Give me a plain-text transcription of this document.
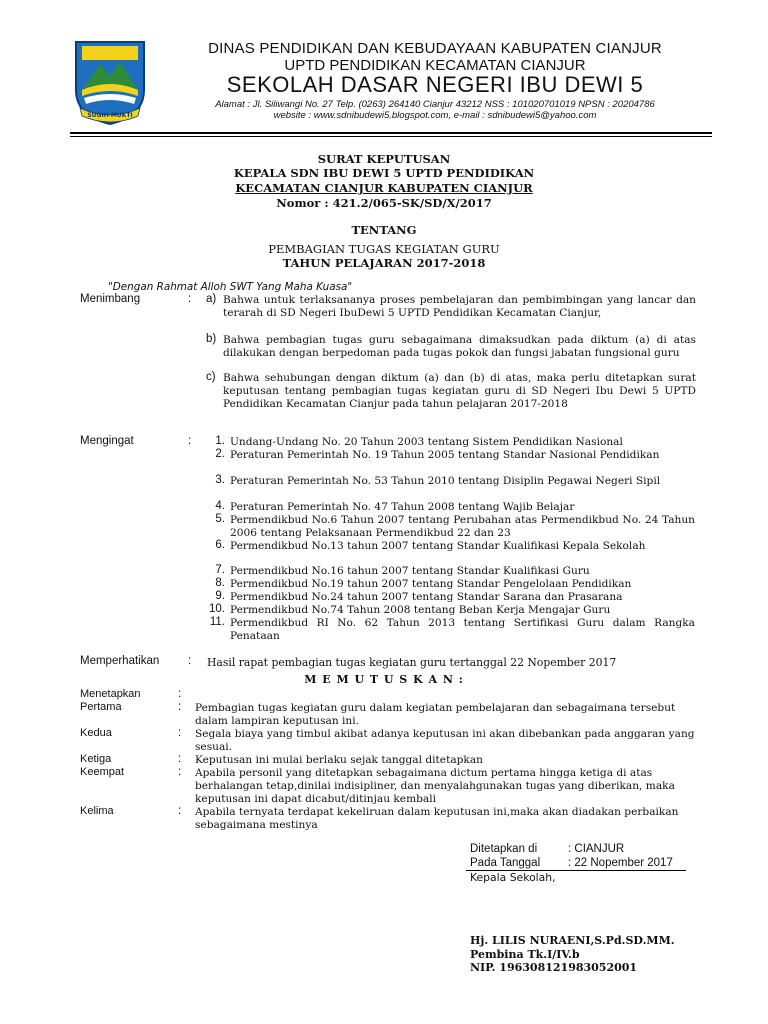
SUGIH MUKTI
DINAS PENDIDIKAN DAN KEBUDAYAAN KABUPATEN CIANJUR
UPTD PENDIDIKAN KECAMATAN CIANJUR
SEKOLAH DASAR NEGERI IBU DEWI 5
Alamat : Jl. Siliwangi No. 27 Telp. (0263) 264140 Cianjur 43212 NSS : 101020701019 NPSN : 20204786
website : www.sdnibudewi5.blogspot.com, e-mail : sdnibudewi5@yahoo.com
SURAT KEPUTUSAN
KEPALA SDN IBU DEWI 5 UPTD PENDIDIKAN
KECAMATAN CIANJUR KABUPATEN CIANJUR
Nomor : 421.2/065-SK/SD/X/2017
TENTANG
PEMBAGIAN TUGAS KEGIATAN GURU
TAHUN PELAJARAN 2017-2018
"Dengan Rahmat Alloh SWT Yang Maha Kuasa"
Menimbang	: a) Bahwa untuk terlaksananya proses pembelajaran dan pembimbingan yang lancar dan terarah di SD Negeri IbuDewi 5 UPTD Pendidikan Kecamatan Cianjur,
b) Bahwa pembagian tugas guru sebagaimana dimaksudkan pada diktum (a) di atas dilakukan dengan berpedoman pada tugas pokok dan fungsi jabatan fungsional guru
c) Bahwa sehubungan dengan diktum (a) dan (b) di atas, maka perlu ditetapkan surat keputusan tentang pembagian tugas kegiatan guru di SD Negeri Ibu Dewi 5 UPTD Pendidikan Kecamatan Cianjur pada tahun pelajaran 2017-2018
Mengingat	:	1. Undang-Undang No. 20 Tahun 2003 tentang Sistem Pendidikan Nasional
2. Peraturan Pemerintah No. 19 Tahun 2005 tentang Standar Nasional Pendidikan
3. Peraturan Pemerintah No. 53 Tahun 2010 tentang Disiplin Pegawai Negeri Sipil
4. Peraturan Pemerintah No. 47 Tahun 2008 tentang Wajib Belajar
5. Permendikbud No.6 Tahun 2007 tentang Perubahan atas Permendikbud No. 24 Tahun 2006 tentang Pelaksanaan Permendikbud 22 dan 23
6. Permendikbud No.13 tahun 2007 tentang Standar Kualifikasi Kepala Sekolah
7. Permendikbud No.16 tahun 2007 tentang Standar Kualifikasi Guru
8. Permendikbud No.19 tahun 2007 tentang Standar Pengelolaan Pendidikan
9. Permendikbud No.24 tahun 2007 tentang Standar Sarana dan Prasarana
10. Permendikbud No.74 Tahun 2008 tentang Beban Kerja Mengajar Guru
11. Permendikbud RI No. 62 Tahun 2013 tentang Sertifikasi Guru dalam Rangka Penataan
Memperhatikan : Hasil rapat pembagian tugas kegiatan guru tertanggal 22 Nopember 2017
M E M U T U S K A N :
Menetapkan	:
Pertama	: Pembagian tugas kegiatan guru dalam kegiatan pembelajaran dan sebagaimana tersebut dalam lampiran keputusan ini.
Kedua	: Segala biaya yang timbul akibat adanya keputusan ini akan dibebankan pada anggaran yang sesuai.
Ketiga	: Keputusan ini mulai berlaku sejak tanggal ditetapkan
Keempat	: Apabila personil yang ditetapkan sebagaimana dictum pertama hingga ketiga di atas berhalangan tetap,dinilai indisipliner, dan menyalahgunakan tugas yang diberikan, maka keputusan ini dapat dicabut/ditinjau kembali
Kelima	: Apabila ternyata terdapat kekeliruan dalam keputusan ini,maka akan diadakan perbaikan sebagaimana mestinya
Ditetapkan di	: CIANJUR
Pada Tanggal : 22 Nopember 2017
Kepala Sekolah,
Hj. LILIS NURAENI,S.Pd.SD.MM.
Pembina Tk.I/IV.b
NIP. 196308121983052001
